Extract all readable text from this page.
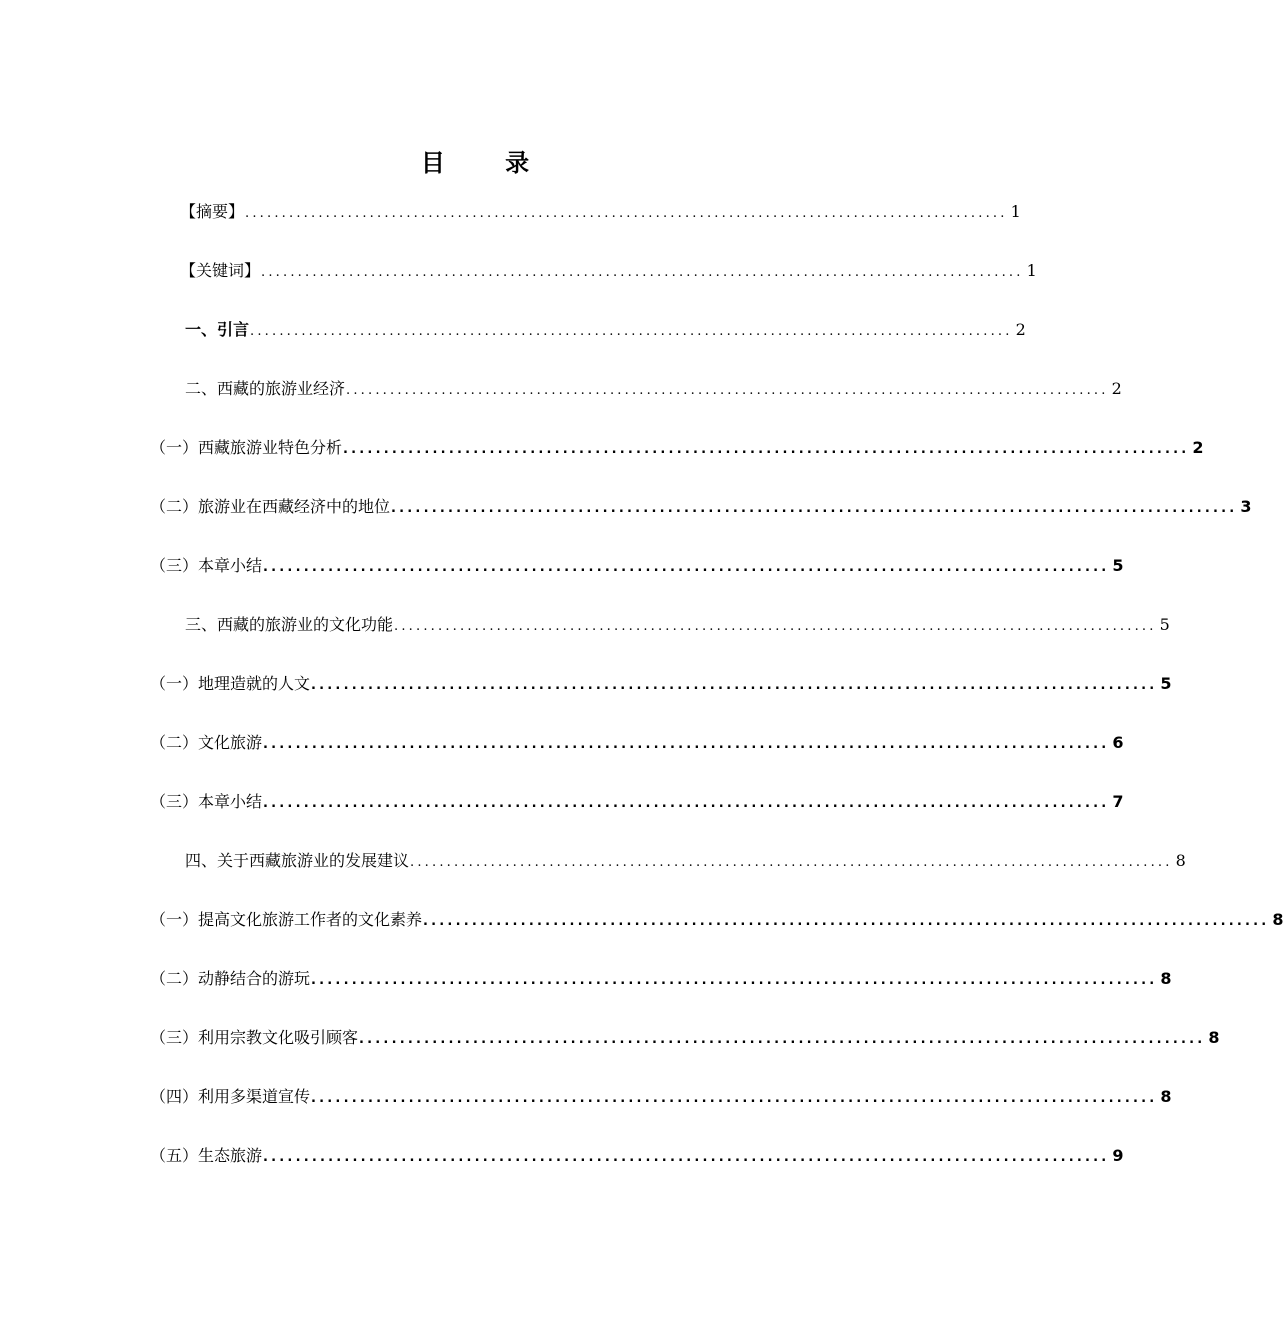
目 录
【摘要】 ........................................................................................................ 1
【关键词】 ........................................................................................................ 1
一、引言 ........................................................................................................ 2
二、西藏的旅游业经济 ........................................................................................................ 2
（一）西藏旅游业特色分析 ........................................................................................................ 2
（二）旅游业在西藏经济中的地位 ........................................................................................................ 3
（三）本章小结 ........................................................................................................ 5
三、西藏的旅游业的文化功能 ........................................................................................................ 5
（一）地理造就的人文 ........................................................................................................ 5
（二）文化旅游 ........................................................................................................ 6
（三）本章小结 ........................................................................................................ 7
四、关于西藏旅游业的发展建议 ........................................................................................................ 8
（一）提高文化旅游工作者的文化素养 ........................................................................................................ 8
（二）动静结合的游玩 ........................................................................................................ 8
（三）利用宗教文化吸引顾客 ........................................................................................................ 8
（四）利用多渠道宣传 ........................................................................................................ 8
（五）生态旅游 ........................................................................................................ 9
